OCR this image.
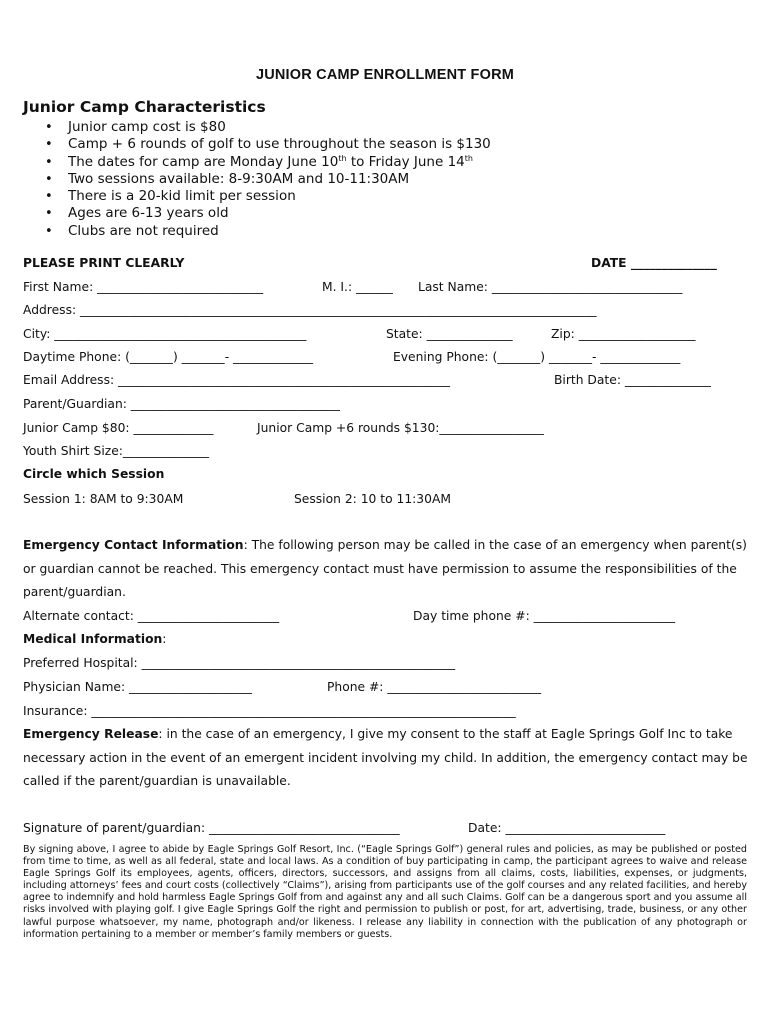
JUNIOR CAMP ENROLLMENT FORM
Junior Camp Characteristics
• Junior camp cost is $80
• Camp + 6 rounds of golf to use throughout the season is $130
• The dates for camp are Monday June 10th to Friday June 14th
• Two sessions available: 8-9:30AM and 10-11:30AM
• There is a 20-kid limit per session
• Ages are 6-13 years old
• Clubs are not required
PLEASE PRINT CLEARLY	DATE ______________
First Name: ___________________________	M. I.: ______ Last Name: _______________________________
Address: ____________________________________________________________________________________
City: _________________________________________	State: ______________	Zip: ___________________
Daytime Phone: (_______) _______- _____________	Evening Phone: (_______) _______- _____________
Email Address: ______________________________________________________	Birth Date: ______________
Parent/Guardian: __________________________________
Junior Camp $80: _____________	Junior Camp +6 rounds $130:_________________
Youth Shirt Size:______________
Circle which Session
Session 1: 8AM to 9:30AM	Session 2: 10 to 11:30AM
Emergency Contact Information: The following person may be called in the case of an emergency when parent(s) or guardian cannot be reached. This emergency contact must have permission to assume the responsibilities of the parent/guardian.
Alternate contact: _______________________	Day time phone #: _______________________
Medical Information:
Preferred Hospital: ___________________________________________________
Physician Name: ____________________	Phone #: _________________________
Insurance: _____________________________________________________________________
Emergency Release: in the case of an emergency, I give my consent to the staff at Eagle Springs Golf Inc to take necessary action in the event of an emergent incident involving my child. In addition, the emergency contact may be called if the parent/guardian is unavailable.
Signature of parent/guardian: _______________________________	Date: __________________________
By signing above, I agree to abide by Eagle Springs Golf Resort, Inc. (“Eagle Springs Golf”) general rules and policies, as may be published or posted from time to time, as well as all federal, state and local laws. As a condition of buy participating in camp, the participant agrees to waive and release Eagle Springs Golf its employees, agents, officers, directors, successors, and assigns from all claims, costs, liabilities, expenses, or judgments, including attorneys’ fees and court costs (collectively “Claims”), arising from participants use of the golf courses and any related facilities, and hereby agree to indemnify and hold harmless Eagle Springs Golf from and against any and all such Claims. Golf can be a dangerous sport and you assume all risks involved with playing golf. I give Eagle Springs Golf the right and permission to publish or post, for art, advertising, trade, business, or any other lawful purpose whatsoever, my name, photograph and/or likeness. I release any liability in connection with the publication of any photograph or information pertaining to a member or member’s family members or guests.
